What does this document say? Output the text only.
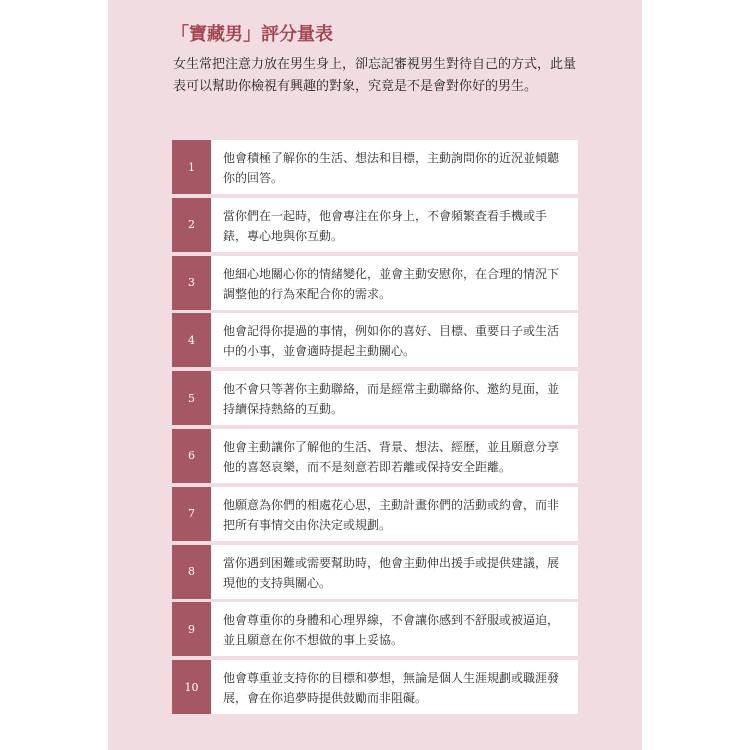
「寶藏男」評分量表

女生常把注意力放在男生身上，卻忘記審視男生對待自己的方式，此量表可以幫助你檢視有興趣的對象，究竟是不是會對你好的男生。

1
他會積極了解你的生活、想法和目標，主動詢問你的近況並傾聽你的回答。
2
當你們在一起時，他會專注在你身上，不會頻繁查看手機或手錶，專心地與你互動。
3
他細心地關心你的情緒變化，並會主動安慰你，在合理的情況下調整他的行為來配合你的需求。
4
他會記得你提過的事情，例如你的喜好、目標、重要日子或生活中的小事，並會適時提起主動關心。
5
他不會只等著你主動聯絡，而是經常主動聯絡你、邀約見面，並持續保持熱絡的互動。
6
他會主動讓你了解他的生活、背景、想法、經歷，並且願意分享他的喜怒哀樂，而不是刻意若即若離或保持安全距離。
7
他願意為你們的相處花心思，主動計畫你們的活動或約會，而非把所有事情交由你決定或規劃。
8
當你遇到困難或需要幫助時，他會主動伸出援手或提供建議，展現他的支持與關心。
9
他會尊重你的身體和心理界線，不會讓你感到不舒服或被逼迫，並且願意在你不想做的事上妥協。
10
他會尊重並支持你的目標和夢想，無論是個人生涯規劃或職涯發展，會在你追夢時提供鼓勵而非阻礙。
